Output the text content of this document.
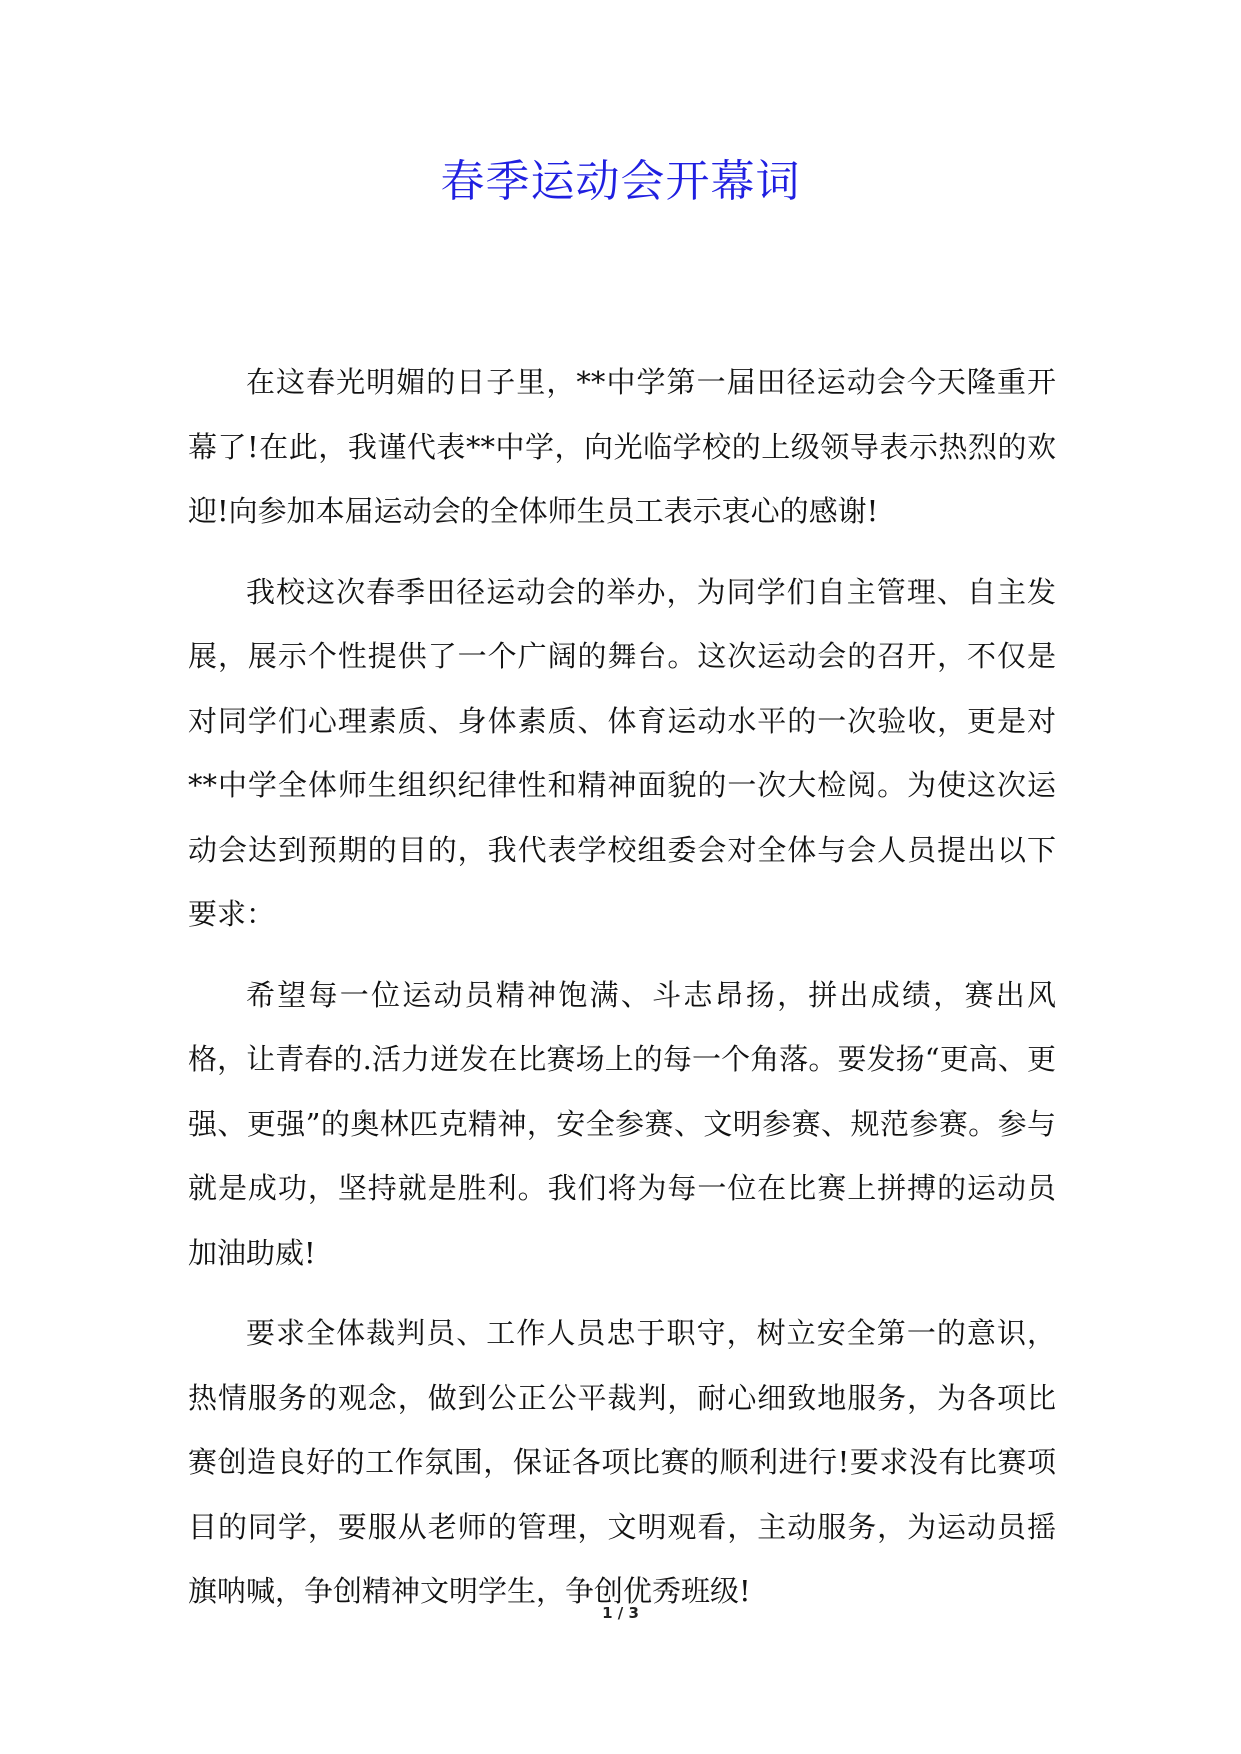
春季运动会开幕词

在这春光明媚的日子里，**中学第一届田径运动会今天隆重开幕了!在此，我谨代表**中学，向光临学校的上级领导表示热烈的欢迎!向参加本届运动会的全体师生员工表示衷心的感谢!

我校这次春季田径运动会的举办，为同学们自主管理、自主发展，展示个性提供了一个广阔的舞台。这次运动会的召开，不仅是对同学们心理素质、身体素质、体育运动水平的一次验收，更是对**中学全体师生组织纪律性和精神面貌的一次大检阅。为使这次运动会达到预期的目的，我代表学校组委会对全体与会人员提出以下要求：

希望每一位运动员精神饱满、斗志昂扬，拼出成绩，赛出风格，让青春的.活力迸发在比赛场上的每一个角落。要发扬“更高、更强、更强”的奥林匹克精神，安全参赛、文明参赛、规范参赛。参与就是成功，坚持就是胜利。我们将为每一位在比赛上拼搏的运动员加油助威!

要求全体裁判员、工作人员忠于职守，树立安全第一的意识，热情服务的观念，做到公正公平裁判，耐心细致地服务，为各项比赛创造良好的工作氛围，保证各项比赛的顺利进行!要求没有比赛项目的同学，要服从老师的管理，文明观看，主动服务，为运动员摇旗呐喊，争创精神文明学生，争创优秀班级!

1 / 3
